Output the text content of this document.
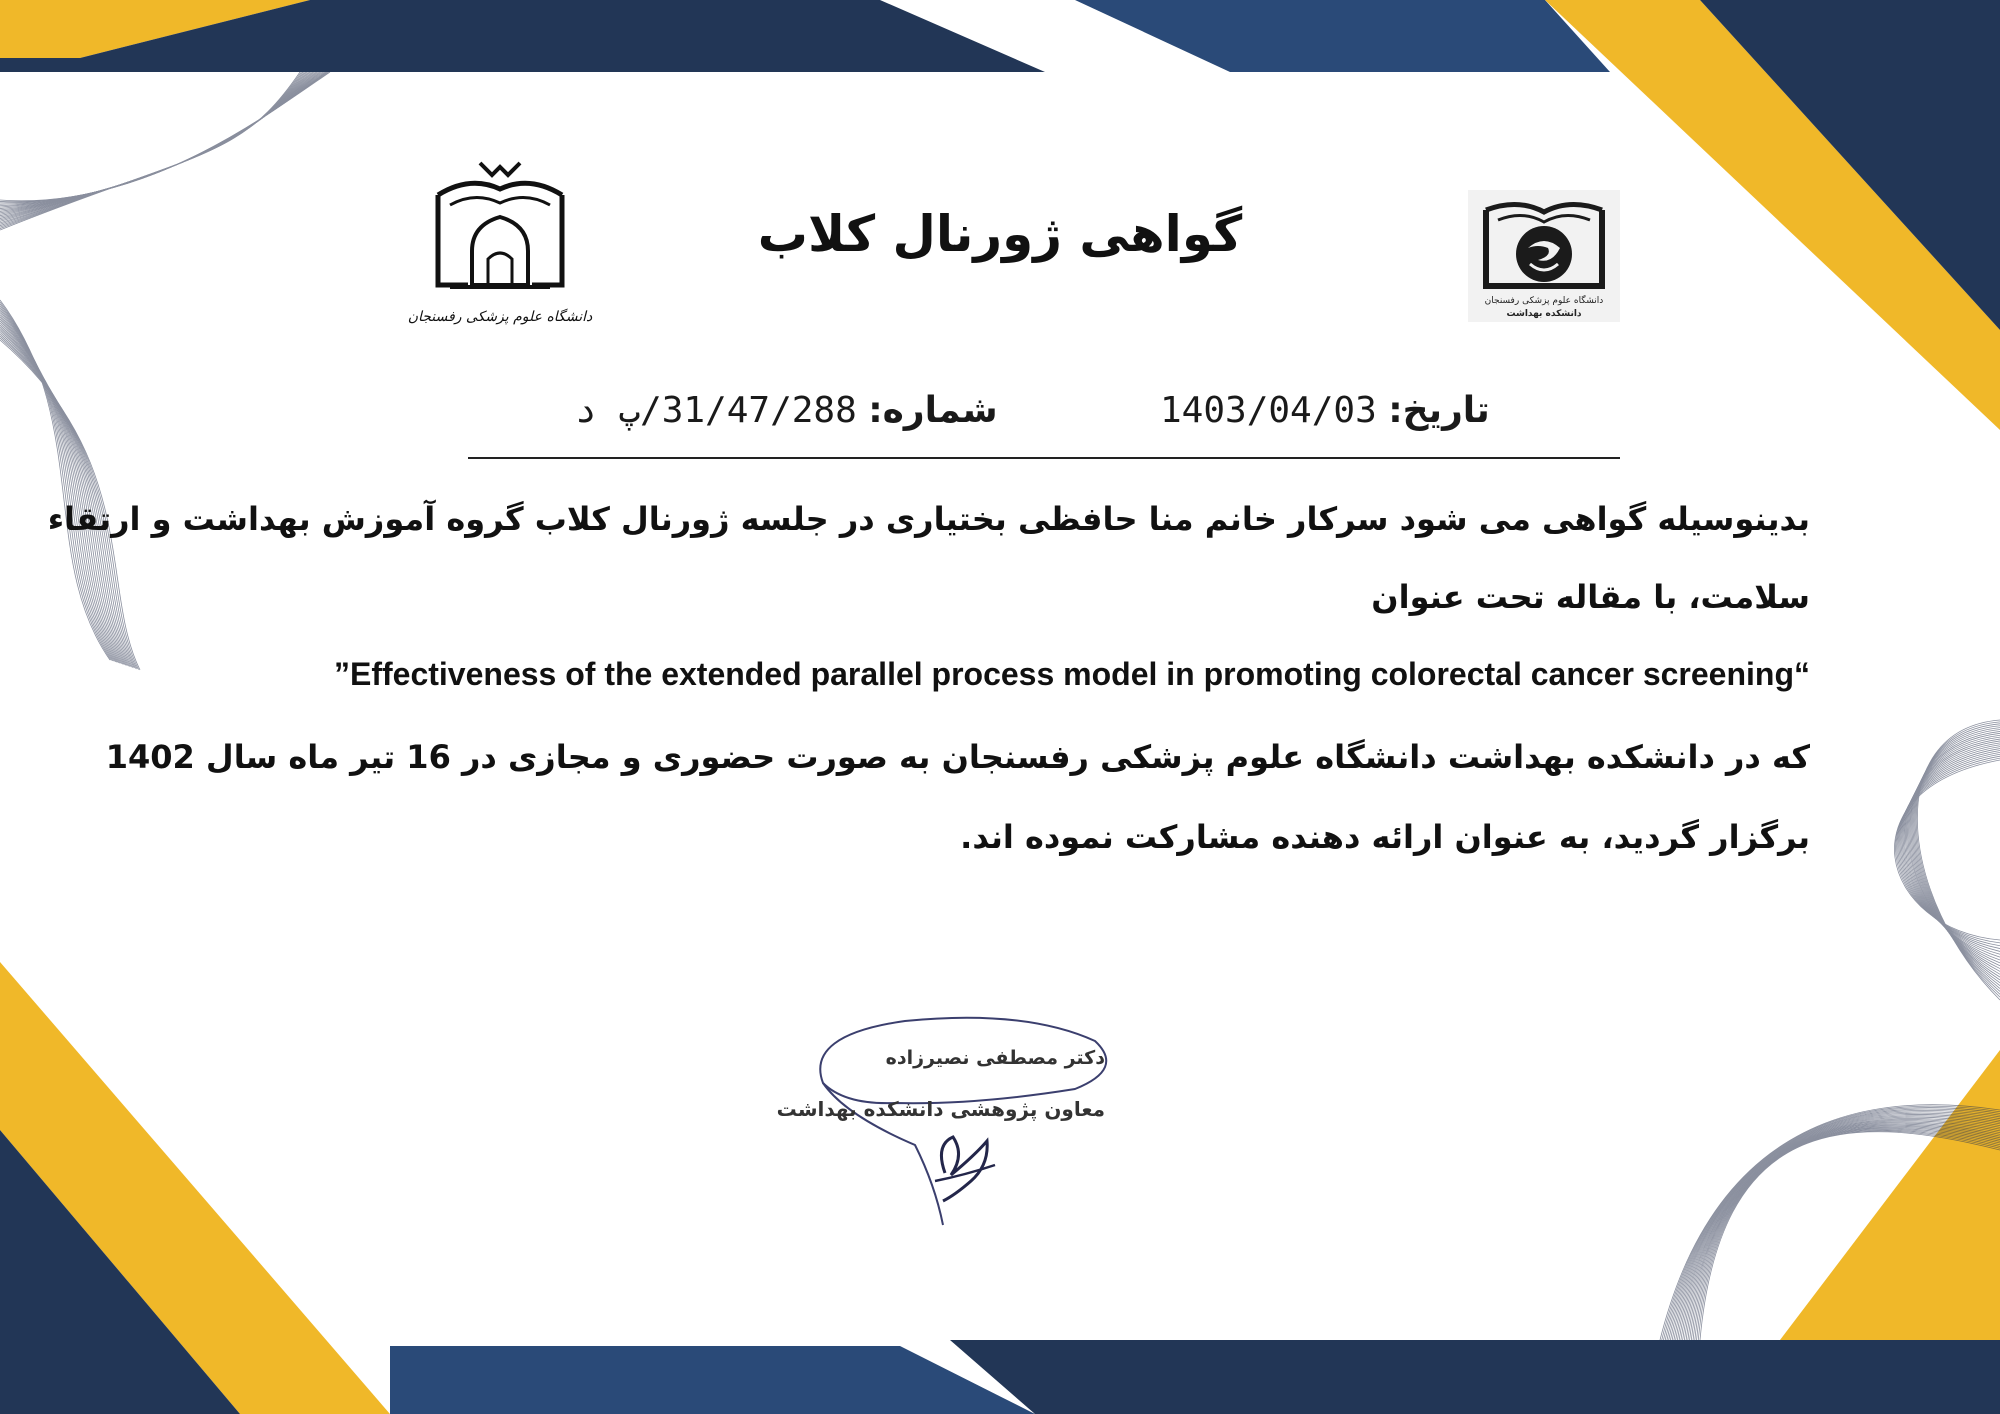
دانشگاه علوم پزشکی رفسنجان
دانشگاه علوم پزشکی رفسنجان
دانشکده بهداشت
گواهی ژورنال کلاب
تاریخ: 1403/04/03
شماره: 31/47/288/پ د
بدینوسیله گواهی می شود سرکار خانم منا حافظی بختیاری در جلسه ژورنال کلاب گروه آموزش بهداشت و ارتقاء
سلامت، با مقاله تحت عنوان
”Effectiveness of the extended parallel process model in promoting colorectal cancer screening“
که در دانشکده بهداشت دانشگاه علوم پزشکی رفسنجان به صورت حضوری و مجازی در 16 تیر ماه سال 1402
برگزار گردید، به عنوان ارائه دهنده مشارکت نموده اند.
دکتر مصطفی نصیرزاده
معاون پژوهشی دانشکده بهداشت
